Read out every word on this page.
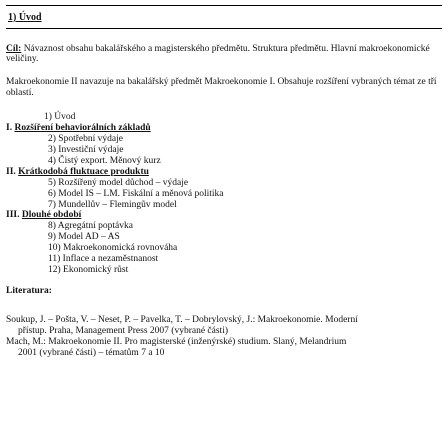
1) Úvod

Cíl: Návaznost obsahu bakalářského a magisterského předmětu. Struktura předmětu. Hlavní makroekonomické veličiny.

Makroekonomie II navazuje na bakalářský předmět Makroekonomie I. Obsahuje rozšíření vybraných témat ze tří oblastí.

1) Úvod
I. Rozšíření behaviorálních základů
2) Spotřební výdaje
3) Investiční výdaje
4) Čistý export. Měnový kurz
II. Krátkodobá fluktuace produktu
5) Rozšířený model důchod – výdaje
6) Model IS – LM. Fiskální a měnová politika
7) Mundellův – Flemingův model
III. Dlouhé období
8) Agregátní poptávka
9) Model AD – AS
10) Makroekonomická rovnováha
11) Inflace a nezaměstnanost
12) Ekonomický růst

Literatura:

Soukup, J. – Pošta, V. – Neset, P. – Pavelka, T. – Dobrylovský, J.: Makroekonomie. Moderní
přístup. Praha, Management Press 2007 (vybrané části)

Mach, M.: Makroekonomie II. Pro magisterské (inženýrské) studium. Slaný, Melandrium
2001 (vybrané části) – tématům 7 a 10
